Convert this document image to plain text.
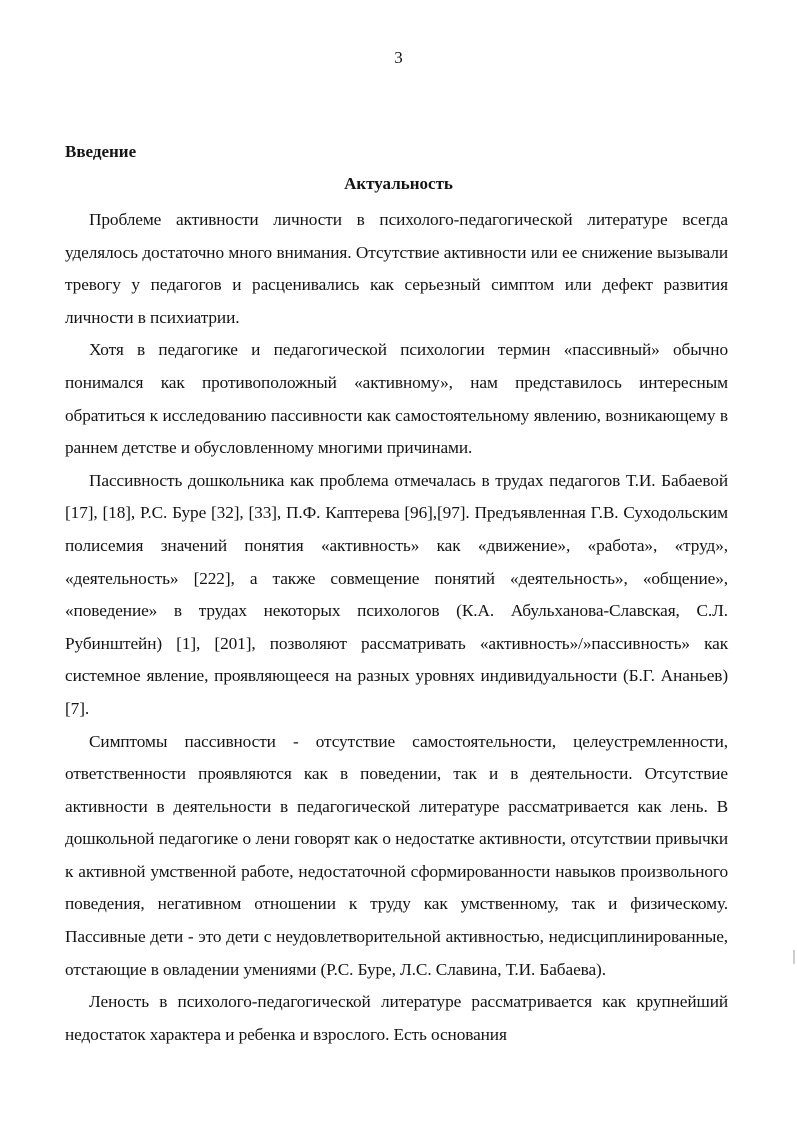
3
Введение
Актуальность

Проблеме активности личности в психолого-педагогической литературе всегда уделялось достаточно много внимания. Отсутствие активности или ее снижение вызывали тревогу у педагогов и расценивались как серьезный симптом или дефект развития личности в психиатрии.

Хотя в педагогике и педагогической психологии термин «пассивный» обычно понимался как противоположный «активному», нам представилось интересным обратиться к исследованию пассивности как самостоятельному явлению, возникающему в раннем детстве и обусловленному многими причинами.

Пассивность дошкольника как проблема отмечалась в трудах педагогов Т.И. Бабаевой [17], [18], Р.С. Буре [32], [33], П.Ф. Каптерева [96],[97]. Предъявленная Г.В. Суходольским полисемия значений понятия «активность» как «движение», «работа», «труд», «деятельность» [222], а также совмещение понятий «деятельность», «общение», «поведение» в трудах некоторых психологов (К.А. Абульханова-Славская, С.Л. Рубинштейн) [1], [201], позволяют рассматривать «активность»/»пассивность» как системное явление, проявляющееся на разных уровнях индивидуальности (Б.Г. Ананьев) [7].

Симптомы пассивности - отсутствие самостоятельности, целеустремленности, ответственности проявляются как в поведении, так и в деятельности. Отсутствие активности в деятельности в педагогической литературе рассматривается как лень. В дошкольной педагогике о лени говорят как о недостатке активности, отсутствии привычки к активной умственной работе, недостаточной сформированности навыков произвольного поведения, негативном отношении к труду как умственному, так и физическому. Пассивные дети - это дети с неудовлетворительной активностью, недисциплинированные, отстающие в овладении умениями (Р.С. Буре, Л.С. Славина, Т.И. Бабаева).

Леность в психолого-педагогической литературе рассматривается как крупнейший недостаток характера и ребенка и взрослого. Есть основания
